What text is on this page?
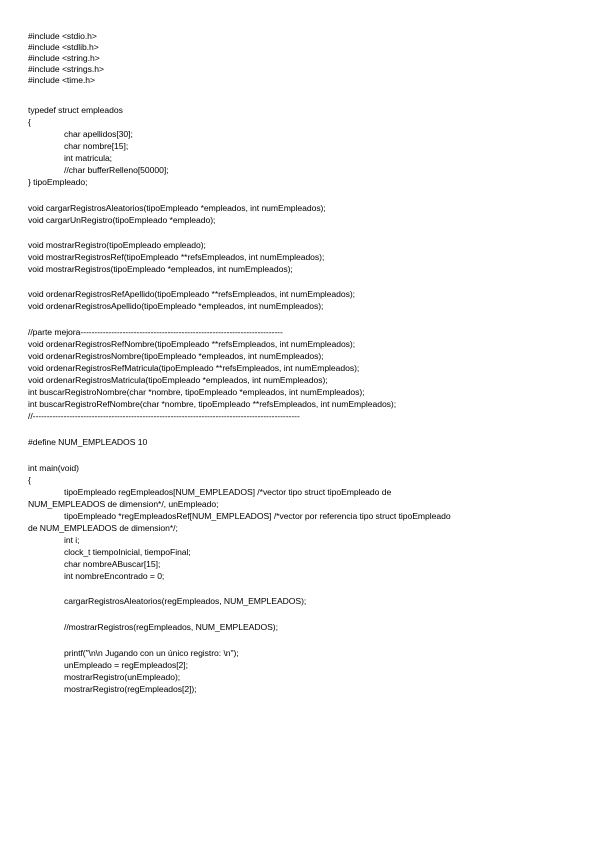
#include <stdio.h>
#include <stdlib.h>
#include <string.h>
#include <strings.h>
#include <time.h>
typedef struct empleados
{
char apellidos[30];
char nombre[15];
int matricula;
//char bufferRelleno[50000];
} tipoEmpleado;
void cargarRegistrosAleatorios(tipoEmpleado *empleados, int numEmpleados);
void cargarUnRegistro(tipoEmpleado *empleado);
void mostrarRegistro(tipoEmpleado empleado);
void mostrarRegistrosRef(tipoEmpleado **refsEmpleados, int numEmpleados);
void mostrarRegistros(tipoEmpleado *empleados, int numEmpleados);
void ordenarRegistrosRefApellido(tipoEmpleado **refsEmpleados, int numEmpleados);
void ordenarRegistrosApellido(tipoEmpleado *empleados, int numEmpleados);
//parte mejora------------------------------------------------------------------------
void ordenarRegistrosRefNombre(tipoEmpleado **refsEmpleados, int numEmpleados);
void ordenarRegistrosNombre(tipoEmpleado *empleados, int numEmpleados);
void ordenarRegistrosRefMatricula(tipoEmpleado **refsEmpleados, int numEmpleados);
void ordenarRegistrosMatricula(tipoEmpleado *empleados, int numEmpleados);
int buscarRegistroNombre(char *nombre, tipoEmpleado *empleados, int numEmpleados);
int buscarRegistroRefNombre(char *nombre, tipoEmpleado **refsEmpleados, int numEmpleados);
//-----------------------------------------------------------------------------------------------
#define NUM_EMPLEADOS 10
int main(void)
{
tipoEmpleado regEmpleados[NUM_EMPLEADOS] /*vector tipo struct tipoEmpleado de
NUM_EMPLEADOS de dimension*/, unEmpleado;
tipoEmpleado *regEmpleadosRef[NUM_EMPLEADOS] /*vector por referencia tipo struct tipoEmpleado
de NUM_EMPLEADOS de dimension*/;
int i;
clock_t tiempoInicial, tiempoFinal;
char nombreABuscar[15];
int nombreEncontrado = 0;
cargarRegistrosAleatorios(regEmpleados, NUM_EMPLEADOS);
//mostrarRegistros(regEmpleados, NUM_EMPLEADOS);
printf("\n\n Jugando con un único registro: \n");
unEmpleado = regEmpleados[2];
mostrarRegistro(unEmpleado);
mostrarRegistro(regEmpleados[2]);
